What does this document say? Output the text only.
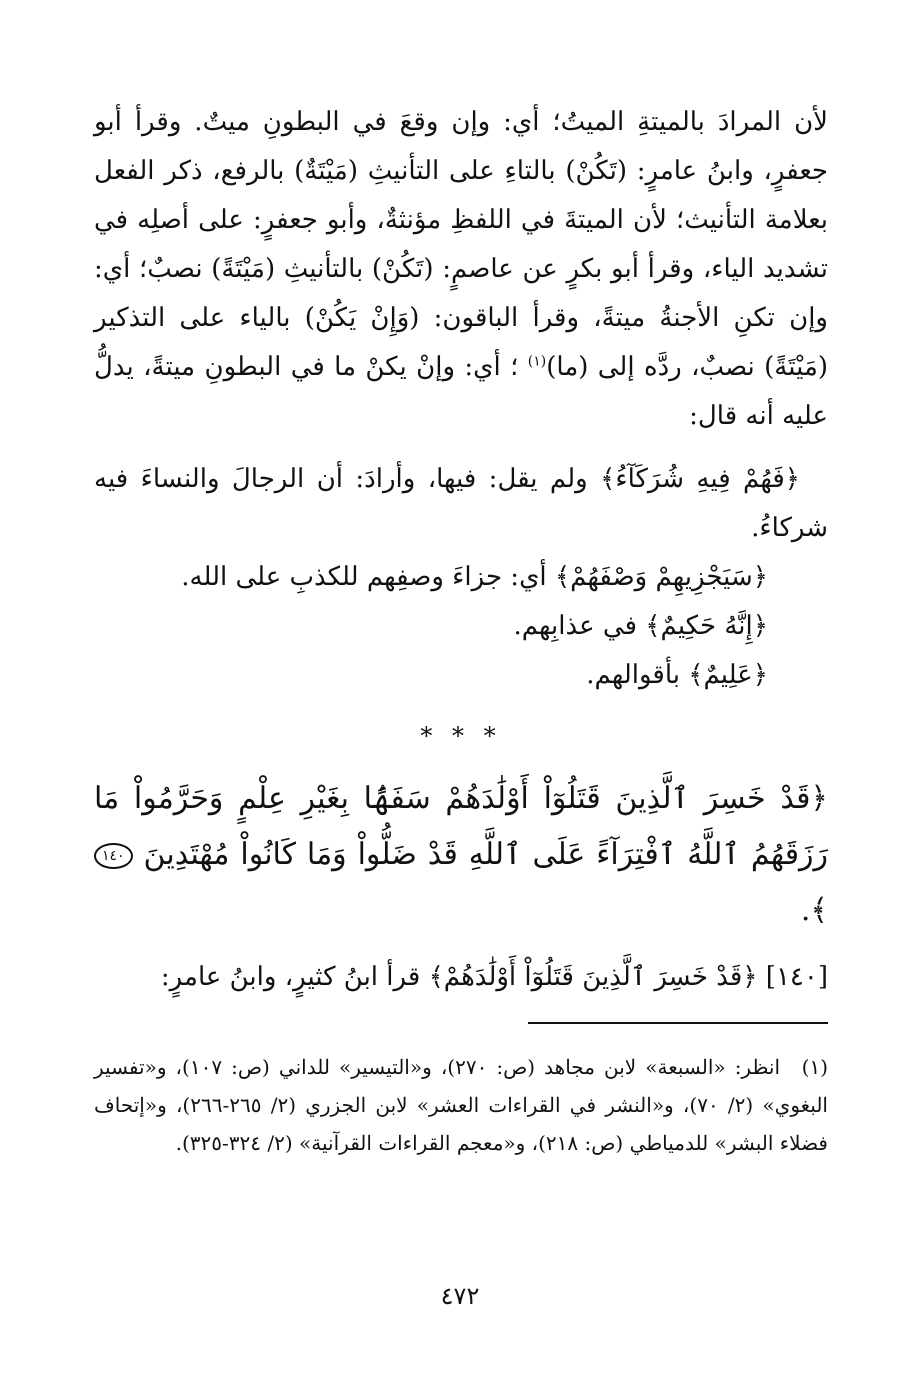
لأن المرادَ بالميتةِ الميتُ؛ أي: وإن وقعَ في البطونِ ميتٌ. وقرأ أبو جعفرٍ، وابنُ عامرٍ: (تَكُنْ) بالتاءِ على التأنيثِ (مَيْتَةٌ) بالرفع، ذكر الفعل بعلامة التأنيث؛ لأن الميتةَ في اللفظِ مؤنثةٌ، وأبو جعفرٍ: على أصلِه في تشديد الياء، وقرأ أبو بكرٍ عن عاصمٍ: (تَكُنْ) بالتأنيثِ (مَيْتَةً) نصبٌ؛ أي: وإن تكنِ الأجنةُ ميتةً، وقرأ الباقون: (وَإِنْ يَكُنْ) بالياء على التذكير (مَيْتَةً) نصبٌ، ردَّه إلى (ما)$^{(١)}$ ؛ أي: وإنْ يكنْ ما في البطونِ ميتةً، يدلُّ عليه أنه قال:

﴿فَهُمْ فِيهِ شُرَكَآءُ﴾ ولم يقل: فيها، وأرادَ: أن الرجالَ والنساءَ فيه شركاءُ.

﴿سَيَجْزِيهِمْ وَصْفَهُمْ﴾ أي: جزاءَ وصفِهم للكذبِ على الله.

﴿إِنَّهُ حَكِيمٌ﴾ في عذابِهم.

﴿عَلِيمٌ﴾ بأقوالهم.

* * *

﴿قَدْ خَسِرَ ٱلَّذِينَ قَتَلُوٓاْ أَوْلَٰدَهُمْ سَفَهًۢا بِغَيْرِ عِلْمٍ وَحَرَّمُواْ مَا رَزَقَهُمُ ٱللَّهُ ٱفْتِرَآءً عَلَى ٱللَّهِ قَدْ ضَلُّواْ وَمَا كَانُواْ مُهْتَدِينَ ١٤٠﴾.

[١٤٠] ﴿قَدْ خَسِرَ ٱلَّذِينَ قَتَلُوٓاْ أَوْلَٰدَهُمْ﴾ قرأ ابنُ كثيرٍ، وابنُ عامرٍ:

(١)انظر: «السبعة» لابن مجاهد (ص: ٢٧٠)، و«التيسير» للداني (ص: ١٠٧)، و«تفسير البغوي» (٢/ ٧٠)، و«النشر في القراءات العشر» لابن الجزري (٢/ ٢٦٥-٢٦٦)، و«إتحاف فضلاء البشر» للدمياطي (ص: ٢١٨)، و«معجم القراءات القرآنية» (٢/ ٣٢٤-٣٢٥).

٤٧٢
